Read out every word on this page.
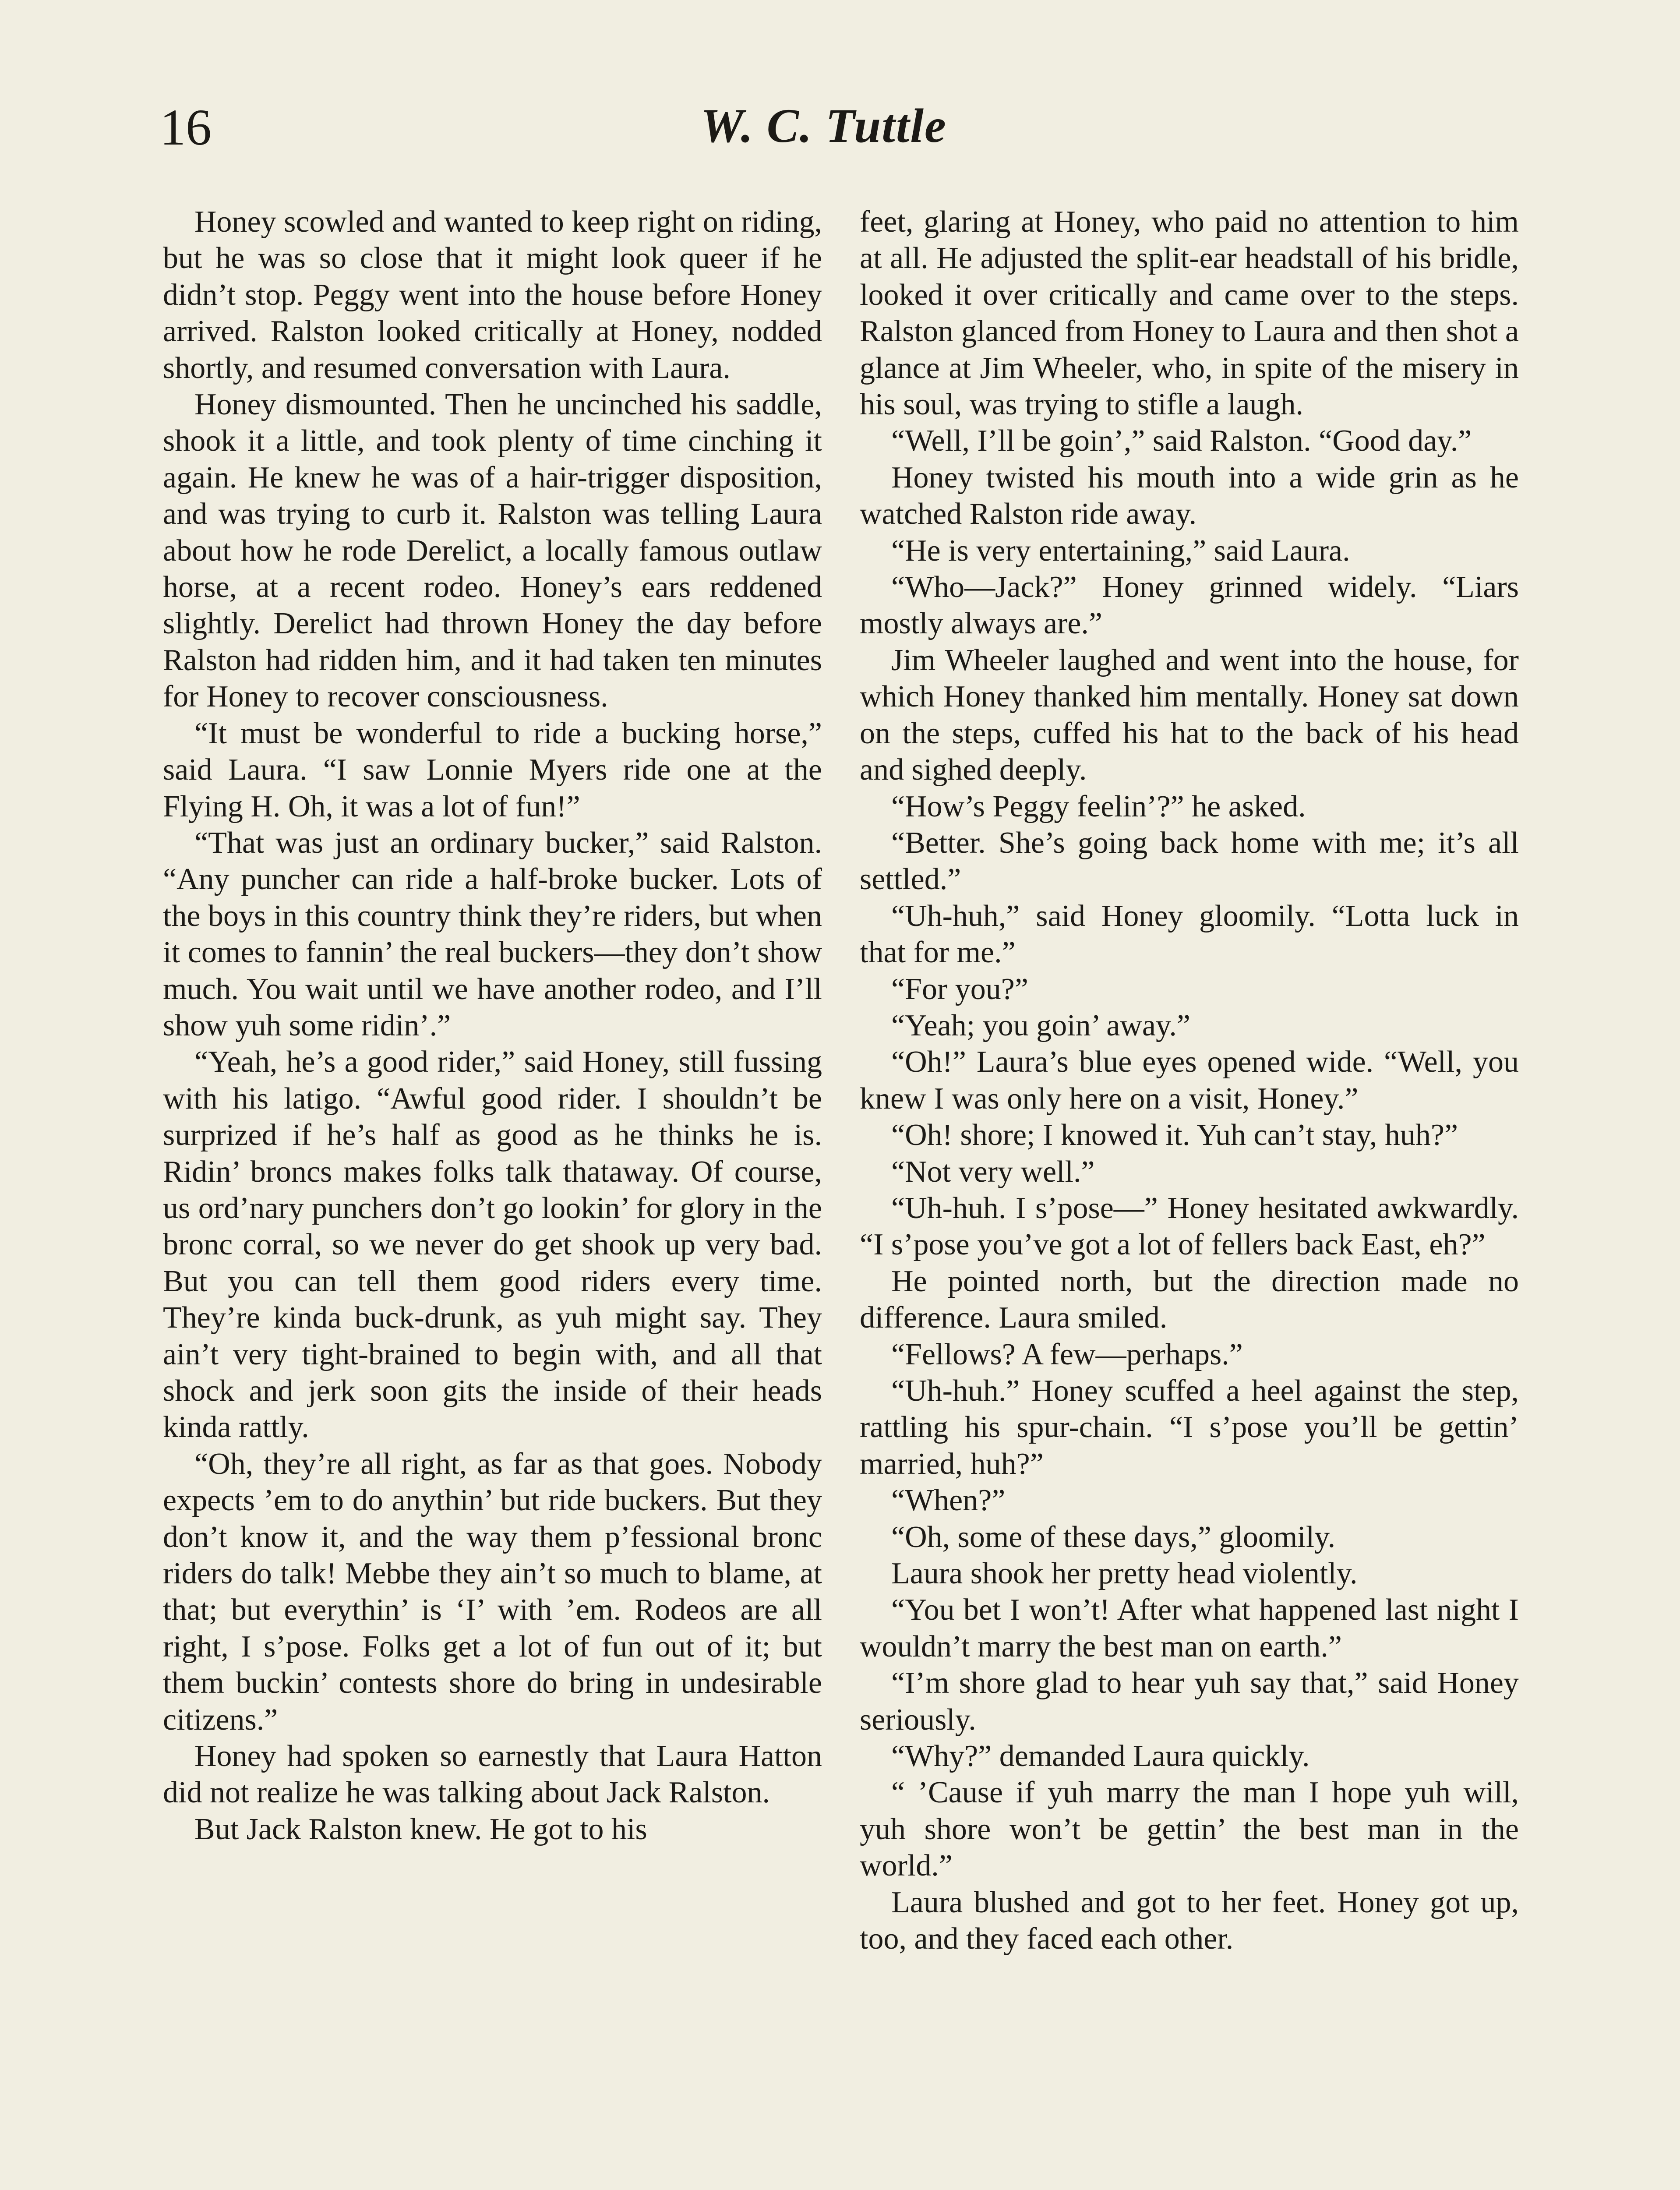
16	W. C. Tuttle

Honey scowled and wanted to keep right on riding, but he was so close that it might look queer if he didn’t stop. Peggy went into the house before Honey arrived. Ralston looked critically at Honey, nodded shortly, and resumed conversation with Laura.

Honey dismounted. Then he uncinched his saddle, shook it a little, and took plenty of time cinching it again. He knew he was of a hair-trigger disposition, and was trying to curb it. Ralston was telling Laura about how he rode Derelict, a locally famous outlaw horse, at a recent rodeo. Honey’s ears reddened slightly. Derelict had thrown Honey the day before Ralston had ridden him, and it had taken ten minutes for Honey to recover consciousness.

“It must be wonderful to ride a bucking horse,” said Laura. “I saw Lonnie Myers ride one at the Flying H. Oh, it was a lot of fun!”

“That was just an ordinary bucker,” said Ralston. “Any puncher can ride a half-broke bucker. Lots of the boys in this country think they’re riders, but when it comes to fannin’ the real buckers—they don’t show much. You wait until we have another rodeo, and I’ll show yuh some ridin’.”

“Yeah, he’s a good rider,” said Honey, still fussing with his latigo. “Awful good rider. I shouldn’t be surprized if he’s half as good as he thinks he is. Ridin’ broncs makes folks talk thataway. Of course, us ord’nary punchers don’t go lookin’ for glory in the bronc corral, so we never do get shook up very bad. But you can tell them good riders every time. They’re kinda buck-drunk, as yuh might say. They ain’t very tight-brained to begin with, and all that shock and jerk soon gits the inside of their heads kinda rattly.

“Oh, they’re all right, as far as that goes. Nobody expects ’em to do anythin’ but ride buckers. But they don’t know it, and the way them p’fessional bronc riders do talk! Mebbe they ain’t so much to blame, at that; but everythin’ is ‘I’ with ’em. Rodeos are all right, I s’pose. Folks get a lot of fun out of it; but them buckin’ contests shore do bring in undesirable citizens.”

Honey had spoken so earnestly that Laura Hatton did not realize he was talking about Jack Ralston.

But Jack Ralston knew. He got to his

feet, glaring at Honey, who paid no attention to him at all. He adjusted the split-ear headstall of his bridle, looked it over critically and came over to the steps. Ralston glanced from Honey to Laura and then shot a glance at Jim Wheeler, who, in spite of the misery in his soul, was trying to stifle a laugh.

“Well, I’ll be goin’,” said Ralston. “Good day.”

Honey twisted his mouth into a wide grin as he watched Ralston ride away.

“He is very entertaining,” said Laura.

“Who—Jack?” Honey grinned widely. “Liars mostly always are.”

Jim Wheeler laughed and went into the house, for which Honey thanked him mentally. Honey sat down on the steps, cuffed his hat to the back of his head and sighed deeply.

“How’s Peggy feelin’?” he asked.

“Better. She’s going back home with me; it’s all settled.”

“Uh-huh,” said Honey gloomily. “Lotta luck in that for me.”

“For you?”

“Yeah; you goin’ away.”

“Oh!” Laura’s blue eyes opened wide. “Well, you knew I was only here on a visit, Honey.”

“Oh! shore; I knowed it. Yuh can’t stay, huh?”

“Not very well.”

“Uh-huh. I s’pose—” Honey hesitated awkwardly. “I s’pose you’ve got a lot of fellers back East, eh?”

He pointed north, but the direction made no difference. Laura smiled.

“Fellows? A few—perhaps.”

“Uh-huh.” Honey scuffed a heel against the step, rattling his spur-chain. “I s’pose you’ll be gettin’ married, huh?”

“When?”

“Oh, some of these days,” gloomily.

Laura shook her pretty head violently.

“You bet I won’t! After what happened last night I wouldn’t marry the best man on earth.”

“I’m shore glad to hear yuh say that,” said Honey seriously.

“Why?” demanded Laura quickly.

“ ’Cause if yuh marry the man I hope yuh will, yuh shore won’t be gettin’ the best man in the world.”

Laura blushed and got to her feet. Honey got up, too, and they faced each other.
